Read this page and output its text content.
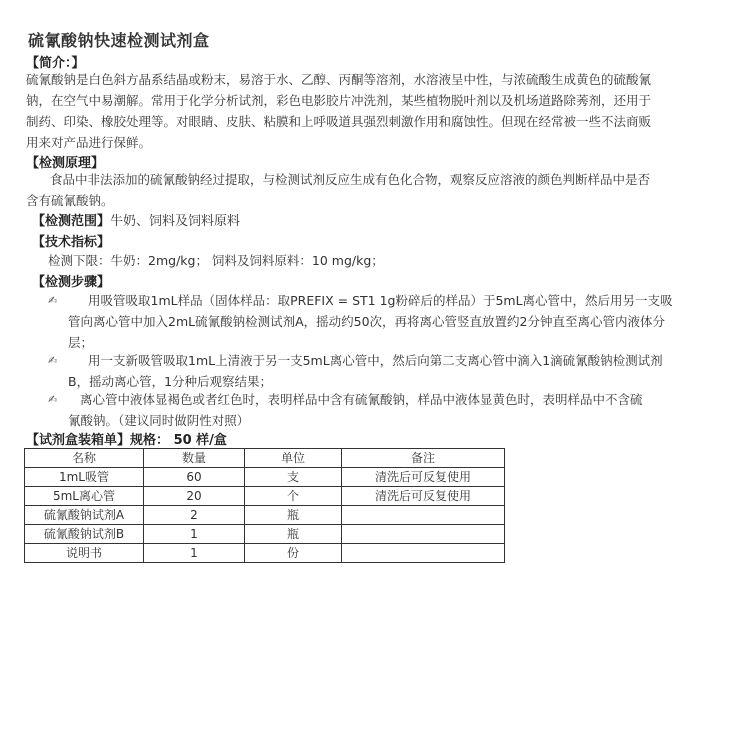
硫氰酸钠快速检测试剂盒
【简介：】
硫氰酸钠是白色斜方晶系结晶或粉末，易溶于水、乙醇、丙酮等溶剂，水溶液呈中性，与浓硫酸生成黄色的硫酸氰
钠，在空气中易潮解。常用于化学分析试剂，彩色电影胶片冲洗剂，某些植物脱叶剂以及机场道路除莠剂，还用于
制药、印染、橡胶处理等。对眼睛、皮肤、粘膜和上呼吸道具强烈刺激作用和腐蚀性。但现在经常被一些不法商贩
用来对产品进行保鲜。
【检测原理】
食品中非法添加的硫氰酸钠经过提取，与检测试剂反应生成有色化合物，观察反应溶液的颜色判断样品中是否
含有硫氰酸钠。
【检测范围】牛奶、饲料及饲料原料
【技术指标】
检测下限：牛奶：2mg/kg； 饲料及饲料原料：10 mg/kg；
【检测步骤】
✍	用吸管吸取1mL样品（固体样品：取PREFIX = ST1 1g粉碎后的样品）于5mL离心管中，然后用另一支吸
管向离心管中加入2mL硫氰酸钠检测试剂A，摇动约50次，再将离心管竖直放置约2分钟直至离心管内液体分
层；
✍	用一支新吸管吸取1mL上清液于另一支5mL离心管中，然后向第二支离心管中滴入1滴硫氰酸钠检测试剂
B，摇动离心管，1分种后观察结果；
✍	离心管中液体显褐色或者红色时，表明样品中含有硫氰酸钠，样品中液体显黄色时，表明样品中不含硫
氰酸钠。（建议同时做阴性对照）
【试剂盒装箱单】规格： 50 样/盒
名称	数量	单位	备注
1mL吸管	60	支	清洗后可反复使用
5mL离心管	20	个	清洗后可反复使用
硫氰酸钠试剂A	2	瓶	
硫氰酸钠试剂B	1	瓶	
说明书	1	份	
